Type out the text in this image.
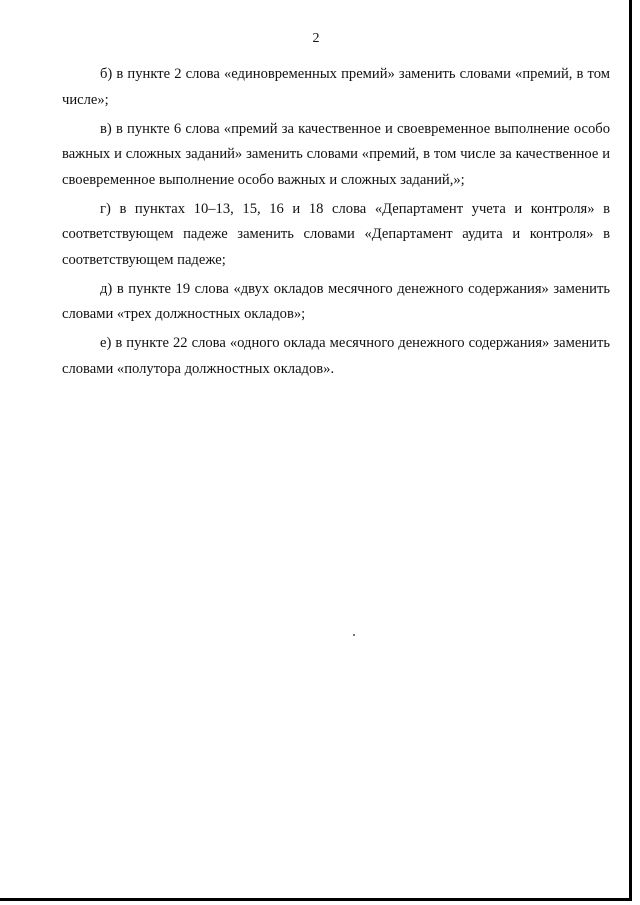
2

б) в пункте 2 слова «единовременных премий» заменить словами «премий, в том числе»;

в) в пункте 6 слова «премий за качественное и своевременное выполнение особо важных и сложных заданий» заменить словами «премий, в том числе за качественное и своевременное выполнение особо важных и сложных заданий,»;

г) в пунктах 10–13, 15, 16 и 18 слова «Департамент учета и контроля» в соответствующем падеже заменить словами «Департамент аудита и контроля» в соответствующем падеже;

д) в пункте 19 слова «двух окладов месячного денежного содержания» заменить словами «трех должностных окладов»;

е) в пункте 22 слова «одного оклада месячного денежного содержания» заменить словами «полутора должностных окладов».
